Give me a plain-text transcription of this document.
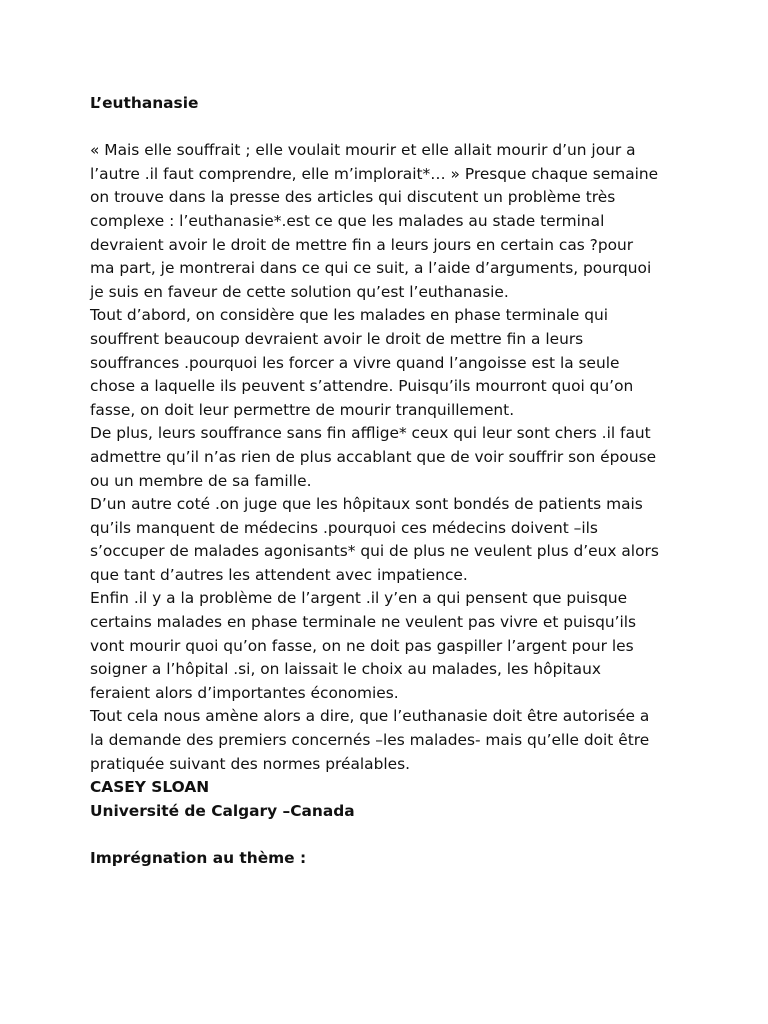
L’euthanasie
« Mais elle souffrait ; elle voulait mourir et elle allait mourir d’un jour a
l’autre .il faut comprendre, elle m’implorait*… » Presque chaque semaine
on trouve dans la presse des articles qui discutent un problème très
complexe : l’euthanasie*.est ce que les malades au stade terminal
devraient avoir le droit de mettre fin a leurs jours en certain cas ?pour
ma part, je montrerai dans ce qui ce suit, a l’aide d’arguments, pourquoi
je suis en faveur de cette solution qu’est l’euthanasie.
Tout d’abord, on considère que les malades en phase terminale qui
souffrent beaucoup devraient avoir le droit de mettre fin a leurs
souffrances .pourquoi les forcer a vivre quand l’angoisse est la seule
chose a laquelle ils peuvent s’attendre. Puisqu’ils mourront quoi qu’on
fasse, on doit leur permettre de mourir tranquillement.
De plus, leurs souffrance sans fin afflige* ceux qui leur sont chers .il faut
admettre qu’il n’as rien de plus accablant que de voir souffrir son épouse
ou un membre de sa famille.
D’un autre coté .on juge que les hôpitaux sont bondés de patients mais
qu’ils manquent de médecins .pourquoi ces médecins doivent –ils
s’occuper de malades agonisants* qui de plus ne veulent plus d’eux alors
que tant d’autres les attendent avec impatience.
Enfin .il y a la problème de l’argent .il y’en a qui pensent que puisque
certains malades en phase terminale ne veulent pas vivre et puisqu’ils
vont mourir quoi qu’on fasse, on ne doit pas gaspiller l’argent pour les
soigner a l’hôpital .si, on laissait le choix au malades, les hôpitaux
feraient alors d’importantes économies.
Tout cela nous amène alors a dire, que l’euthanasie doit être autorisée a
la demande des premiers concernés –les malades- mais qu’elle doit être
pratiquée suivant des normes préalables.
CASEY SLOAN
Université de Calgary –Canada
Imprégnation au thème :
